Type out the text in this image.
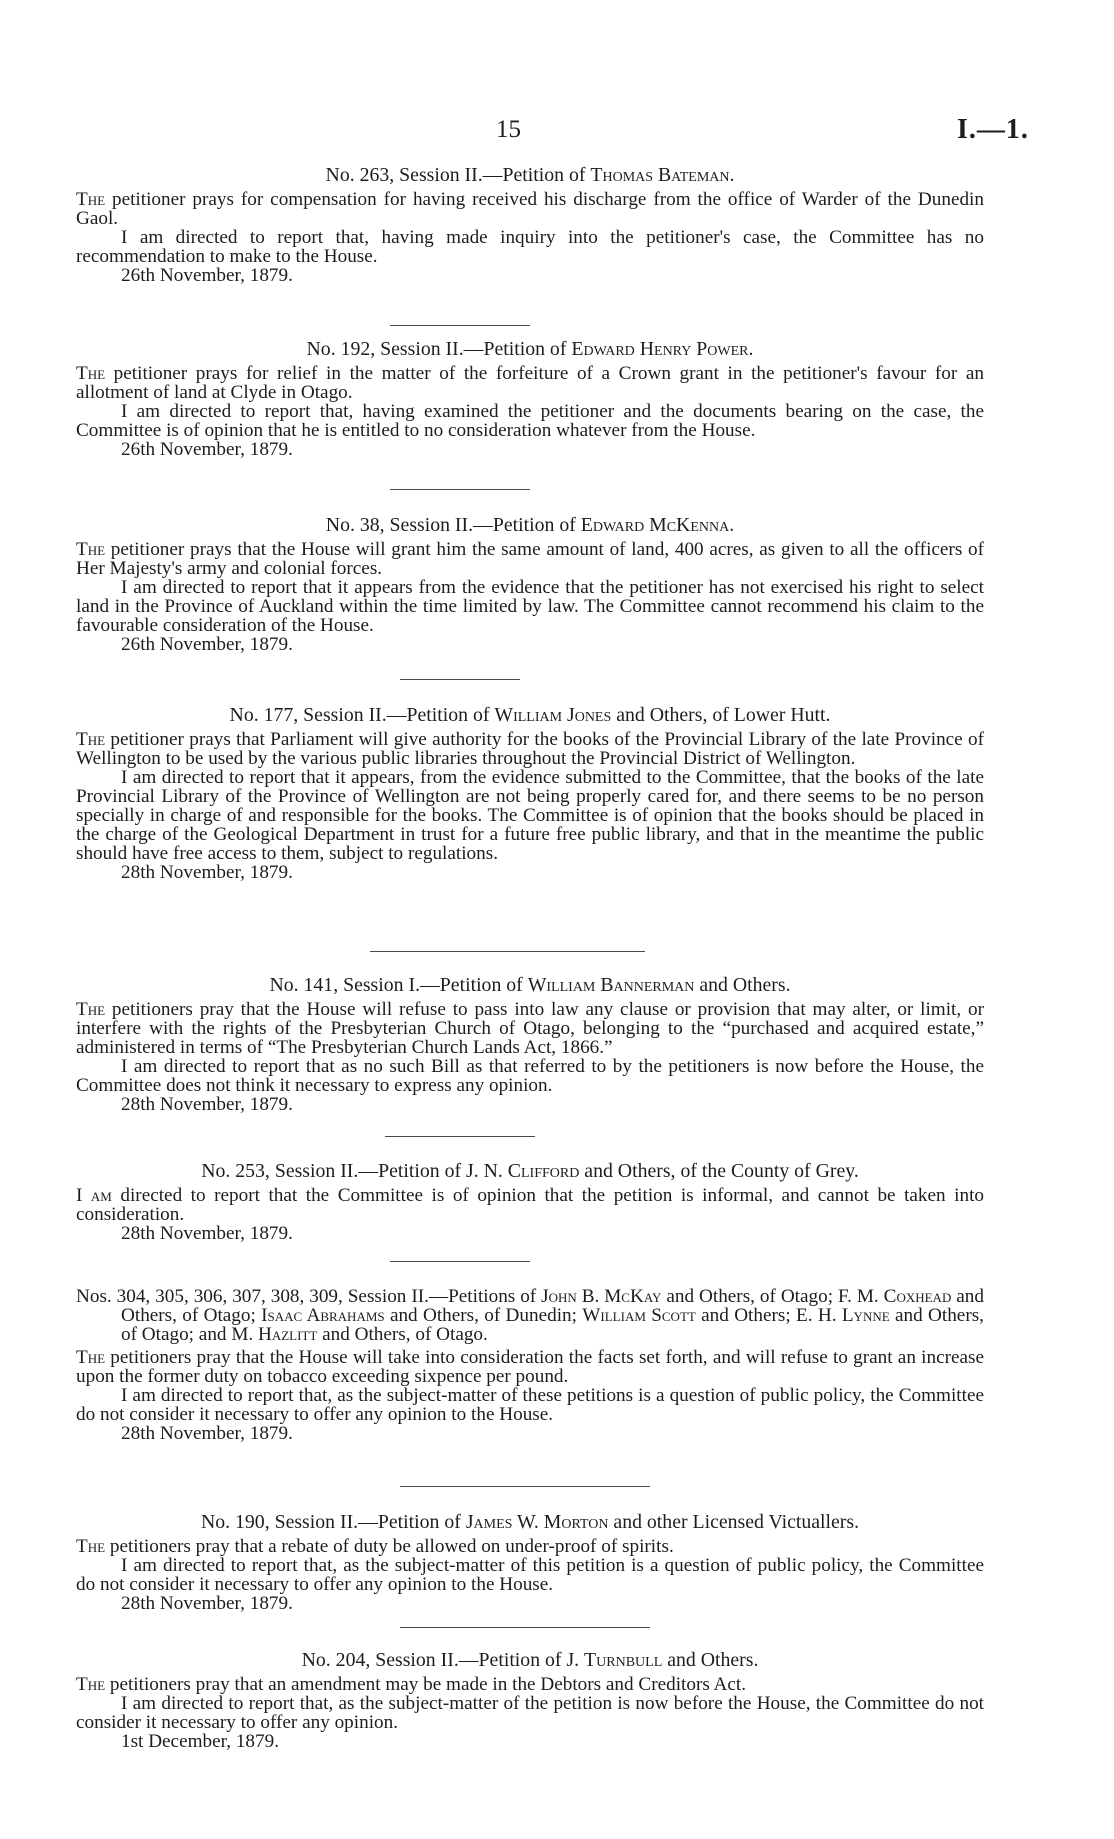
15	I.—1.
No. 263, Session II.—Petition of Thomas Bateman.

The petitioner prays for compensation for having received his discharge from the office of Warder of the Dunedin Gaol.

I am directed to report that, having made inquiry into the petitioner's case, the Committee has no recommendation to make to the House.

26th November, 1879.
No. 192, Session II.—Petition of Edward Henry Power.

The petitioner prays for relief in the matter of the forfeiture of a Crown grant in the petitioner's favour for an allotment of land at Clyde in Otago.

I am directed to report that, having examined the petitioner and the documents bearing on the case, the Committee is of opinion that he is entitled to no consideration whatever from the House.

26th November, 1879.
No. 38, Session II.—Petition of Edward McKenna.

The petitioner prays that the House will grant him the same amount of land, 400 acres, as given to all the officers of Her Majesty's army and colonial forces.

I am directed to report that it appears from the evidence that the petitioner has not exercised his right to select land in the Province of Auckland within the time limited by law. The Committee cannot recommend his claim to the favourable consideration of the House.

26th November, 1879.
No. 177, Session II.—Petition of William Jones and Others, of Lower Hutt.

The petitioner prays that Parliament will give authority for the books of the Provincial Library of the late Province of Wellington to be used by the various public libraries throughout the Provincial District of Wellington.

I am directed to report that it appears, from the evidence submitted to the Committee, that the books of the late Provincial Library of the Province of Wellington are not being properly cared for, and there seems to be no person specially in charge of and responsible for the books. The Committee is of opinion that the books should be placed in the charge of the Geological Department in trust for a future free public library, and that in the meantime the public should have free access to them, subject to regulations.

28th November, 1879.
No. 141, Session I.—Petition of William Bannerman and Others.

The petitioners pray that the House will refuse to pass into law any clause or provision that may alter, or limit, or interfere with the rights of the Presbyterian Church of Otago, belonging to the “purchased and acquired estate,” administered in terms of “The Presbyterian Church Lands Act, 1866.”

I am directed to report that as no such Bill as that referred to by the petitioners is now before the House, the Committee does not think it necessary to express any opinion.

28th November, 1879.
No. 253, Session II.—Petition of J. N. Clifford and Others, of the County of Grey.

I am directed to report that the Committee is of opinion that the petition is informal, and cannot be taken into consideration.

28th November, 1879.
Nos. 304, 305, 306, 307, 308, 309, Session II.—Petitions of John B. McKay and Others, of Otago; F. M. Coxhead and Others, of Otago; Isaac Abrahams and Others, of Dunedin; William Scott and Others; E. H. Lynne and Others, of Otago; and M. Hazlitt and Others, of Otago.

The petitioners pray that the House will take into consideration the facts set forth, and will refuse to grant an increase upon the former duty on tobacco exceeding sixpence per pound.

I am directed to report that, as the subject-matter of these petitions is a question of public policy, the Committee do not consider it necessary to offer any opinion to the House.

28th November, 1879.
No. 190, Session II.—Petition of James W. Morton and other Licensed Victuallers.

The petitioners pray that a rebate of duty be allowed on under-proof of spirits.

I am directed to report that, as the subject-matter of this petition is a question of public policy, the Committee do not consider it necessary to offer any opinion to the House.

28th November, 1879.
No. 204, Session II.—Petition of J. Turnbull and Others.

The petitioners pray that an amendment may be made in the Debtors and Creditors Act.

I am directed to report that, as the subject-matter of the petition is now before the House, the Committee do not consider it necessary to offer any opinion.

1st December, 1879.
